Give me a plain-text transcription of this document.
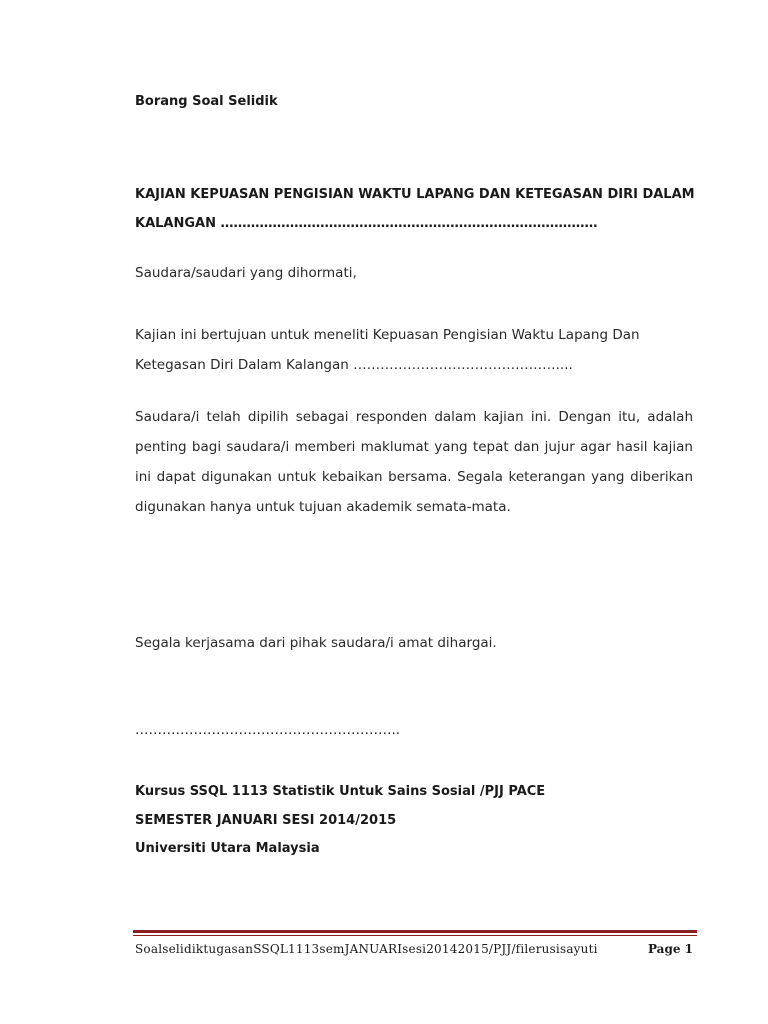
Borang Soal Selidik
KAJIAN KEPUASAN PENGISIAN WAKTU LAPANG DAN KETEGASAN DIRI DALAM
KALANGAN ……………………………………………………………………………
Saudara/saudari yang dihormati,
Kajian ini bertujuan untuk meneliti Kepuasan Pengisian Waktu Lapang Dan
Ketegasan Diri Dalam Kalangan ………………………………………....
Saudara/i telah dipilih sebagai responden dalam kajian ini. Dengan itu, adalah penting bagi saudara/i memberi maklumat yang tepat dan jujur agar hasil kajian ini dapat digunakan untuk kebaikan bersama. Segala keterangan yang diberikan digunakan hanya untuk tujuan akademik semata-mata.
Segala kerjasama dari pihak saudara/i amat dihargai.
…………………………………………………..
Kursus SSQL 1113 Statistik Untuk Sains Sosial /PJJ PACE
SEMESTER JANUARI SESI 2014/2015
Universiti Utara Malaysia
SoalselidiktugasanSSQL1113semJANUARIsesi20142015/PJJ/filerusisayuti	Page 1
